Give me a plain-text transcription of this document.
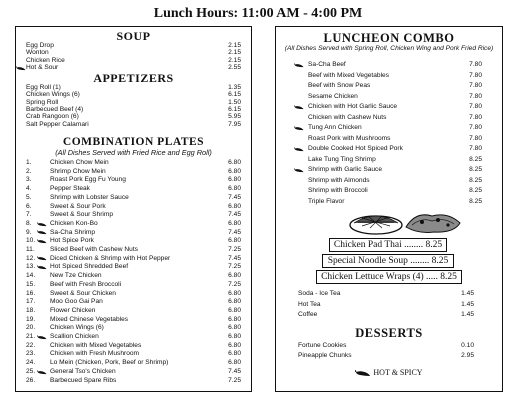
Lunch Hours: 11:00 AM - 4:00 PM
SOUP
Egg Drop	2.15
Wonton	2.15
Chicken Rice	2.15
Hot & Sour	2.55
APPETIZERS
Egg Roll (1)	1.35
Chicken Wings (6)	6.15
Spring Roll	1.50
Barbecued Beef (4)	6.15
Crab Rangoon (6)	5.95
Salt Pepper Calamari	7.95
COMBINATION PLATES
(All Dishes Served with Fried Rice and Egg Roll)
1.	Chicken Chow Mein	6.80
2.	Shrimp Chow Mein	6.80
3.	Roast Pork Egg Fu Young	6.80
4.	Pepper Steak	6.80
5.	Shrimp with Lobster Sauce	7.45
6.	Sweet & Sour Pork	6.80
7.	Sweet & Sour Shrimp	7.45
8.	Chicken Kon-Bo	6.80
9.	Sa-Cha Shrimp	7.45
10. Hot Spice Pork	6.80
11. Sliced Beef with Cashew Nuts	7.25
12. Diced Chicken & Shrimp with Hot Pepper	7.45
13. Hot Spiced Shredded Beef	7.25
14. New Tze Chicken	6.80
15. Beef with Fresh Broccoli	7.25
16. Sweet & Sour Chicken	6.80
17. Moo Goo Gai Pan	6.80
18. Flower Chicken	6.80
19. Mixed Chinese Vegetables	6.80
20. Chicken Wings (6)	6.80
21. Scallion Chicken	6.80
22. Chicken with Mixed Vegetables	6.80
23. Chicken with Fresh Mushroom	6.80
24. Lo Mein (Chicken, Pork, Beef or Shrimp)	6.80
25. General Tso's Chicken	7.45
26. Barbecued Spare Ribs	7.25
LUNCHEON COMBO
(All Dishes Served with Spring Roll, Chicken Wing and Pork Fried Rice)
Sa-Cha Beef	7.80
Beef with Mixed Vegetables	7.80
Beef with Snow Peas	7.80
Sesame Chicken	7.80
Chicken with Hot Garlic Sauce	7.80
Chicken with Cashew Nuts	7.80
Tung Ann Chicken	7.80
Roast Pork with Mushrooms	7.80
Double Cooked Hot Spiced Pork	7.80
Lake Tung Ting Shrimp	8.25
Shrimp with Garlic Sauce	8.25
Shrimp with Almonds	8.25
Shrimp with Broccoli	8.25
Triple Flavor	8.25
Chicken Pad Thai ........ 8.25
Special Noodle Soup ........ 8.25
Chicken Lettuce Wraps (4) ..... 8.25
Soda - Ice Tea	1.45
Hot Tea	1.45
Coffee	1.45
DESSERTS
Fortune Cookies	0.10
Pineapple Chunks	2.95
HOT & SPICY
